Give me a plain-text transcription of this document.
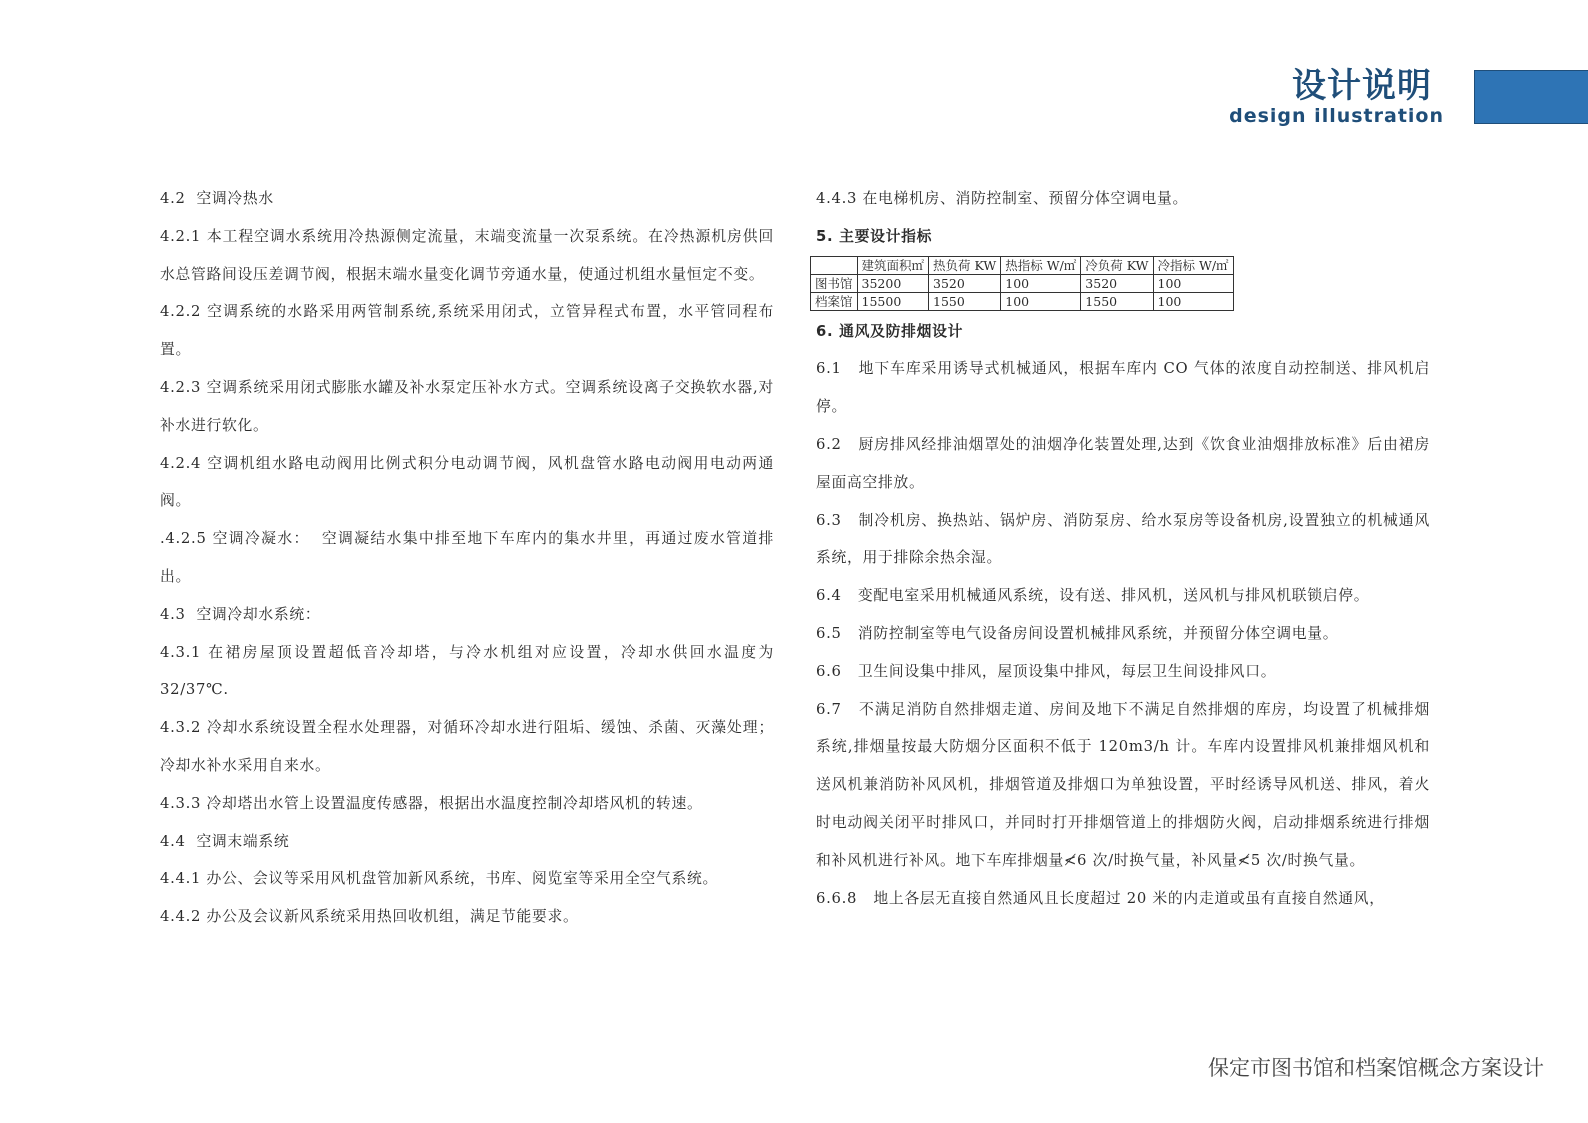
设计说明
design illustration

4.2  空调冷热水

4.2.1 本工程空调水系统用冷热源侧定流量，末端变流量一次泵系统。在冷热源机房供回水总管路间设压差调节阀，根据末端水量变化调节旁通水量，使通过机组水量恒定不变。

4.2.2 空调系统的水路采用两管制系统,系统采用闭式，立管异程式布置，水平管同程布置。

4.2.3 空调系统采用闭式膨胀水罐及补水泵定压补水方式。空调系统设离子交换软水器,对补水进行软化。

4.2.4 空调机组水路电动阀用比例式积分电动调节阀，风机盘管水路电动阀用电动两通阀。

.4.2.5 空调冷凝水：  空调凝结水集中排至地下车库内的集水井里，再通过废水管道排出。

4.3  空调冷却水系统：

4.3.1 在裙房屋顶设置超低音冷却塔，与冷水机组对应设置，冷却水供回水温度为32/37℃.

4.3.2 冷却水系统设置全程水处理器，对循环冷却水进行阻垢、缓蚀、杀菌、灭藻处理；冷却水补水采用自来水。

4.3.3 冷却塔出水管上设置温度传感器，根据出水温度控制冷却塔风机的转速。

4.4  空调末端系统

4.4.1 办公、会议等采用风机盘管加新风系统，书库、阅览室等采用全空气系统。

4.4.2 办公及会议新风系统采用热回收机组，满足节能要求。

4.4.3 在电梯机房、消防控制室、预留分体空调电量。

5. 主要设计指标

	建筑面积㎡	热负荷 KW	热指标 W/㎡	冷负荷 KW	冷指标 W/㎡
图书馆	35200	3520	100	3520	100
档案馆	15500	1550	100	1550	100

6. 通风及防排烟设计

6.1   地下车库采用诱导式机械通风，根据车库内 CO 气体的浓度自动控制送、排风机启停。

6.2   厨房排风经排油烟罩处的油烟净化装置处理,达到《饮食业油烟排放标准》后由裙房屋面高空排放。

6.3   制冷机房、换热站、锅炉房、消防泵房、给水泵房等设备机房,设置独立的机械通风系统，用于排除余热余湿。

6.4   变配电室采用机械通风系统，设有送、排风机，送风机与排风机联锁启停。

6.5   消防控制室等电气设备房间设置机械排风系统，并预留分体空调电量。

6.6   卫生间设集中排风，屋顶设集中排风，每层卫生间设排风口。

6.7   不满足消防自然排烟走道、房间及地下不满足自然排烟的库房，均设置了机械排烟系统,排烟量按最大防烟分区面积不低于 120m3/h 计。车库内设置排风机兼排烟风机和送风机兼消防补风风机，排烟管道及排烟口为单独设置，平时经诱导风机送、排风，着火时电动阀关闭平时排风口，并同时打开排烟管道上的排烟防火阀，启动排烟系统进行排烟和补风机进行补风。地下车库排烟量≮6 次/时换气量，补风量≮5 次/时换气量。

6.6.8   地上各层无直接自然通风且长度超过 20 米的内走道或虽有直接自然通风，

保定市图书馆和档案馆概念方案设计
